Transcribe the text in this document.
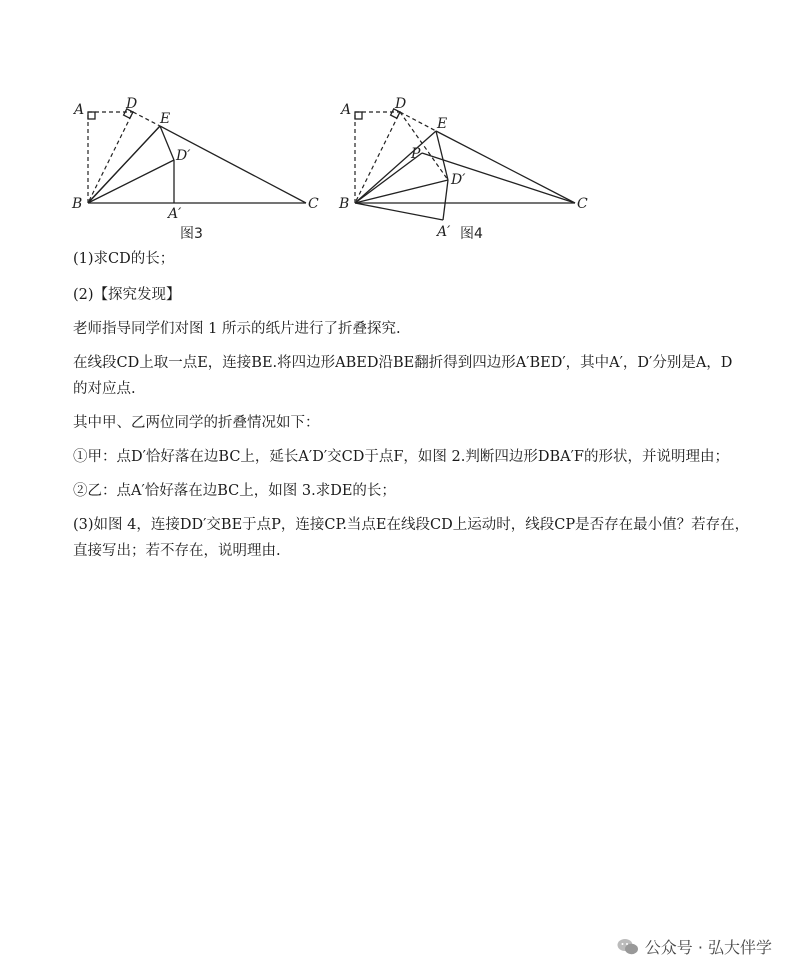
A	D
E
D′
B
A′
C
图3
A	D
E
P
D′
B
A′
C
图4

(1)求CD的长；

(2)【探究发现】

老师指导同学们对图 1 所示的纸片进行了折叠探究.

在线段CD上取一点E，连接BE.将四边形ABED沿BE翻折得到四边形A′BED′，其中A′，D′分别是A，D

的对应点.

其中甲、乙两位同学的折叠情况如下：

①甲：点D′恰好落在边BC上，延长A′D′交CD于点F，如图 2.判断四边形DBA′F的形状，并说明理由；

②乙：点A′恰好落在边BC上，如图 3.求DE的长；

(3)如图 4，连接DD′交BE于点P，连接CP.当点E在线段CD上运动时，线段CP是否存在最小值？若存在，

直接写出；若不存在，说明理由.

公众号 · 弘大伴学
